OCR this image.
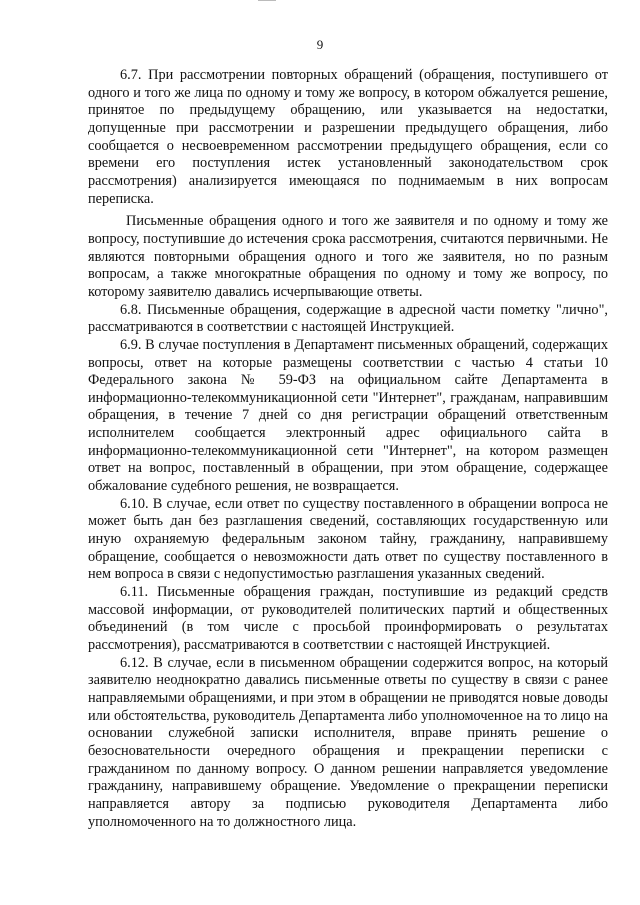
9

6.7. При рассмотрении повторных обращений (обращения, поступившего от одного и того же лица по одному и тому же вопросу, в котором обжалуется решение, принятое по предыдущему обращению, или указывается на недостатки, допущенные при рассмотрении и разрешении предыдущего обращения, либо сообщается о несвоевременном рассмотрении предыдущего обращения, если со времени его поступления истек установленный законодательством срок рассмотрения) анализируется имеющаяся по поднимаемым в них вопросам переписка.

Письменные обращения одного и того же заявителя и по одному и тому же вопросу, поступившие до истечения срока рассмотрения, считаются первичными. Не являются повторными обращения одного и того же заявителя, но по разным вопросам, а также многократные обращения по одному и тому же вопросу, по которому заявителю давались исчерпывающие ответы.

6.8. Письменные обращения, содержащие в адресной части пометку "лично", рассматриваются в соответствии с настоящей Инструкцией.

6.9. В случае поступления в Департамент письменных обращений, содержащих вопросы, ответ на которые размещены соответствии с частью 4 статьи 10 Федерального закона № 59-ФЗ на официальном сайте Департамента в информационно-телекоммуникационной сети "Интернет", гражданам, направившим обращения, в течение 7 дней со дня регистрации обращений ответственным исполнителем сообщается электронный адрес официального сайта в информационно-телекоммуникационной сети "Интернет", на котором размещен ответ на вопрос, поставленный в обращении, при этом обращение, содержащее обжалование судебного решения, не возвращается.

6.10. В случае, если ответ по существу поставленного в обращении вопроса не может быть дан без разглашения сведений, составляющих государственную или иную охраняемую федеральным законом тайну, гражданину, направившему обращение, сообщается о невозможности дать ответ по существу поставленного в нем вопроса в связи с недопустимостью разглашения указанных сведений.

6.11. Письменные обращения граждан, поступившие из редакций средств массовой информации, от руководителей политических партий и общественных объединений (в том числе с просьбой проинформировать о результатах рассмотрения), рассматриваются в соответствии с настоящей Инструкцией.

6.12. В случае, если в письменном обращении содержится вопрос, на который заявителю неоднократно давались письменные ответы по существу в связи с ранее направляемыми обращениями, и при этом в обращении не приводятся новые доводы или обстоятельства, руководитель Департамента либо уполномоченное на то лицо на основании служебной записки исполнителя, вправе принять решение о безосновательности очередного обращения и прекращении переписки с гражданином по данному вопросу. О данном решении направляется уведомление гражданину, направившему обращение. Уведомление о прекращении переписки направляется автору за подписью руководителя Департамента либо уполномоченного на то должностного лица.
